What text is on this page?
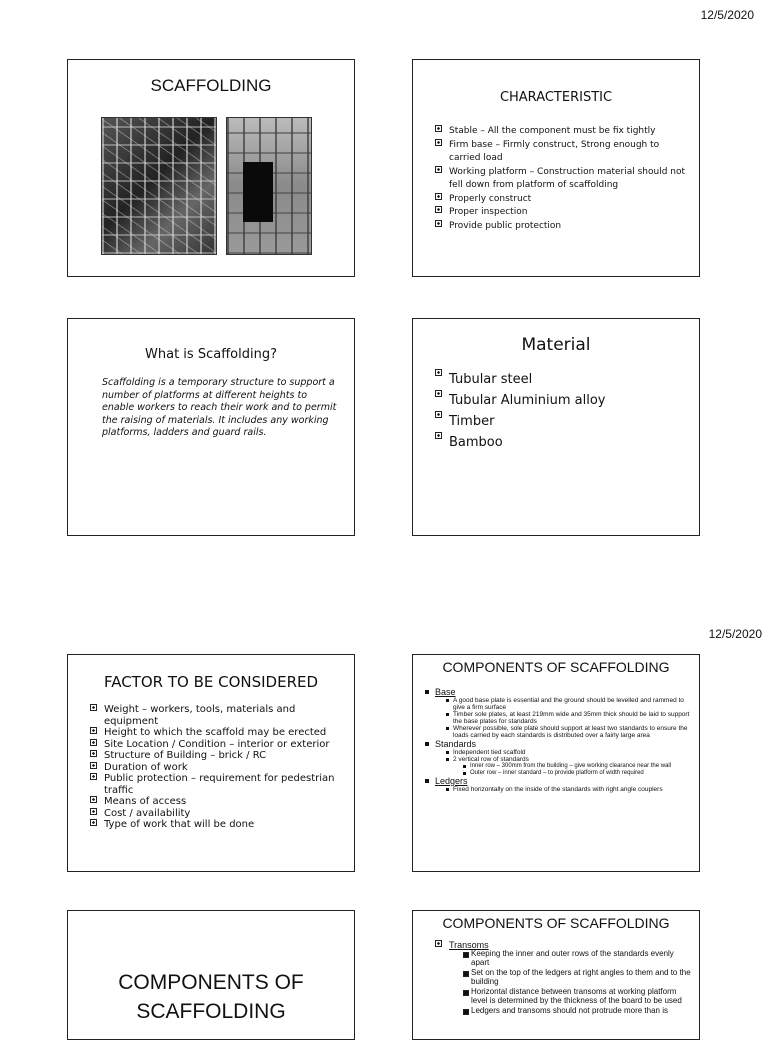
12/5/2020
12/5/2020
SCAFFOLDING
CHARACTERISTIC
Stable – All the component must be fix tightly
Firm base – Firmly construct, Strong enough to carried load
Working platform – Construction material should not fell down from platform of scaffolding
Properly construct
Proper inspection
Provide public protection
What is Scaffolding?
Scaffolding is a temporary structure to support a number of platforms at different heights to enable workers to reach their work and to permit the raising of materials. It includes any working platforms, ladders and guard rails.
Material
Tubular steel
Tubular Aluminium alloy
Timber
Bamboo
FACTOR TO BE CONSIDERED
Weight – workers, tools, materials and equipment
Height to which the scaffold may be erected
Site Location / Condition – interior or exterior
Structure of Building – brick / RC
Duration of work
Public protection – requirement for pedestrian traffic
Means of access
Cost / availability
Type of work that will be done
COMPONENTS OF SCAFFOLDING
Base
A good base plate is essential and the ground should be levelled and rammed to give a firm surface
Timber sole plates, at least 219mm wide and 35mm thick should be laid to support the base plates for standards
Wherever possible, sole plate should support at least two standards to ensure the loads carried by each standards is distributed over a fairly large area
Standards
Independent tied scaffold
2 vertical row of standards
Inner row – 300mm from the building – give working clearance near the wall
Outer row – inner standard – to provide platform of width required
Ledgers
Fixed horizontally on the inside of the standards with right angle couplers
COMPONENTS OF
SCAFFOLDING
COMPONENTS OF SCAFFOLDING
Transoms
Keeping the inner and outer rows of the standards evenly apart
Set on the top of the ledgers at right angles to them and to the building
Horizontal distance between transoms at working platform level is determined by the thickness of the board to be used
Ledgers and transoms should not protrude more than is
